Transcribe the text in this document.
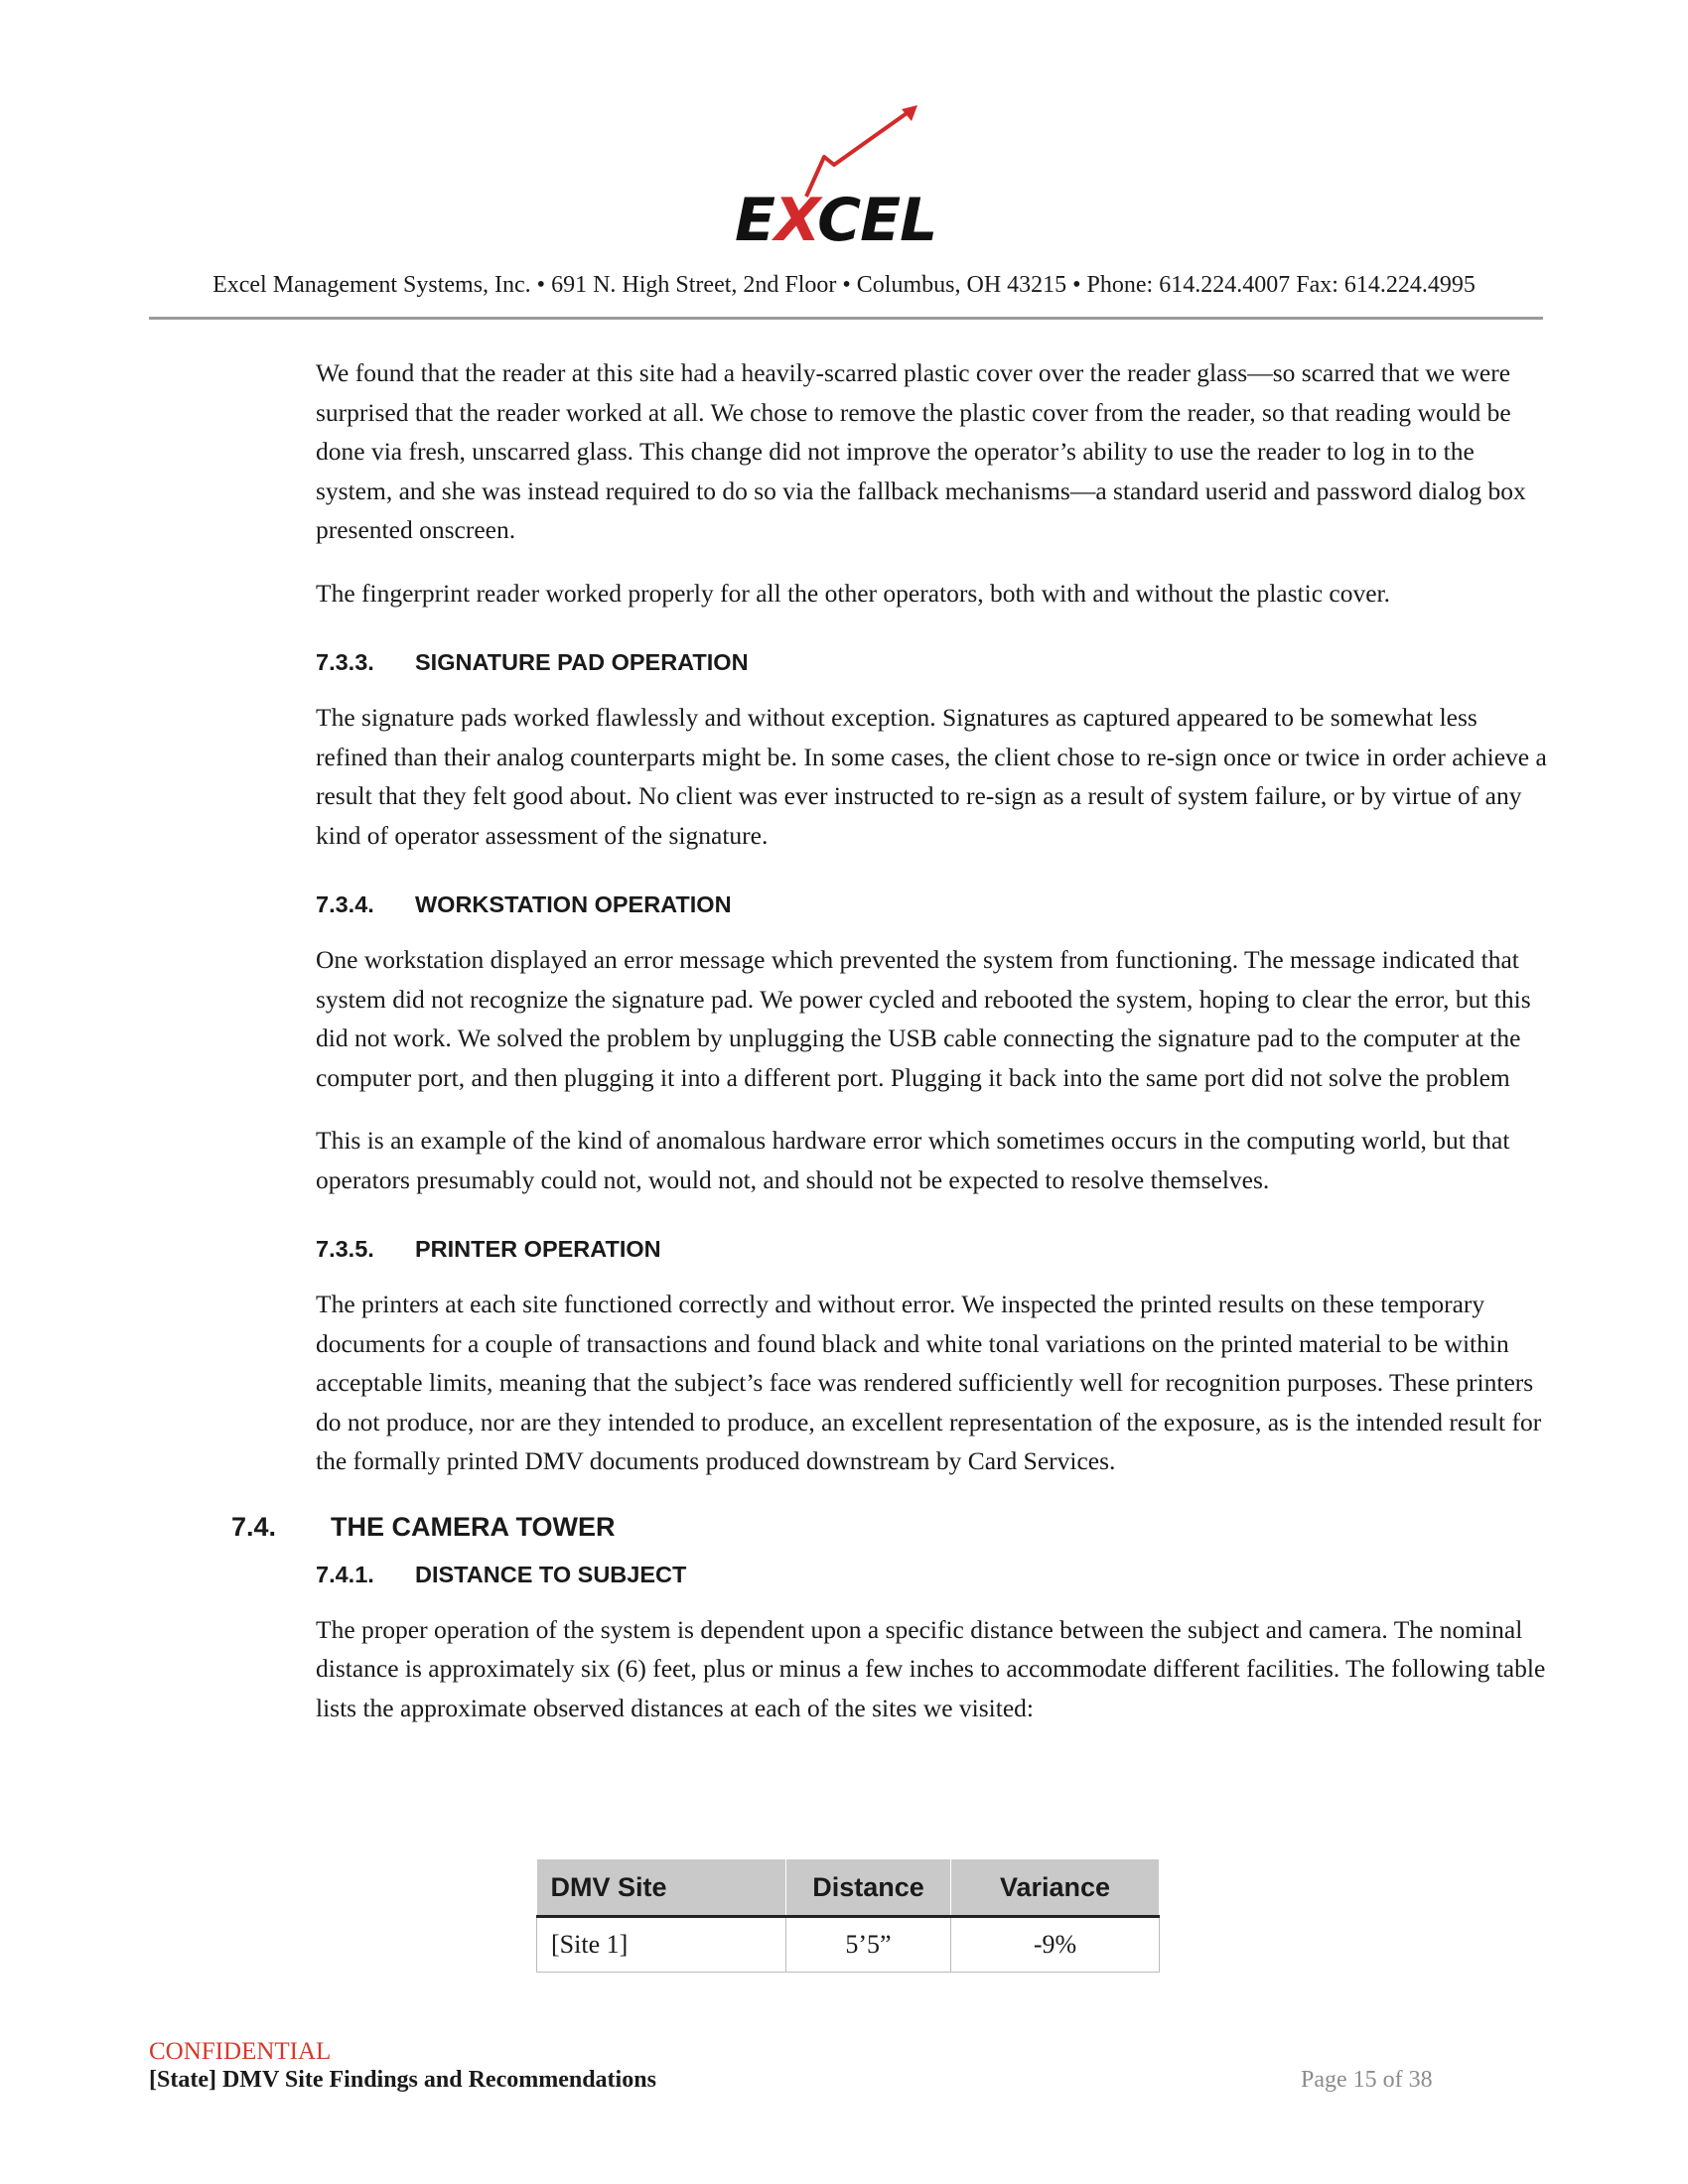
EXCEL
Excel Management Systems, Inc. • 691 N. High Street, 2nd Floor • Columbus, OH 43215 • Phone: 614.224.4007 Fax: 614.224.4995

We found that the reader at this site had a heavily-scarred plastic cover over the reader glass—so scarred that we were surprised that the reader worked at all. We chose to remove the plastic cover from the reader, so that reading would be done via fresh, unscarred glass. This change did not improve the operator’s ability to use the reader to log in to the system, and she was instead required to do so via the fallback mechanisms—a standard userid and password dialog box presented onscreen.

The fingerprint reader worked properly for all the other operators, both with and without the plastic cover.

7.3.3.	SIGNATURE PAD OPERATION

The signature pads worked flawlessly and without exception. Signatures as captured appeared to be somewhat less refined than their analog counterparts might be. In some cases, the client chose to re-sign once or twice in order achieve a result that they felt good about. No client was ever instructed to re-sign as a result of system failure, or by virtue of any kind of operator assessment of the signature.

7.3.4.	WORKSTATION OPERATION

One workstation displayed an error message which prevented the system from functioning. The message indicated that system did not recognize the signature pad. We power cycled and rebooted the system, hoping to clear the error, but this did not work. We solved the problem by unplugging the USB cable connecting the signature pad to the computer at the computer port, and then plugging it into a different port. Plugging it back into the same port did not solve the problem

This is an example of the kind of anomalous hardware error which sometimes occurs in the computing world, but that operators presumably could not, would not, and should not be expected to resolve themselves.

7.3.5.	PRINTER OPERATION

The printers at each site functioned correctly and without error. We inspected the printed results on these temporary documents for a couple of transactions and found black and white tonal variations on the printed material to be within acceptable limits, meaning that the subject’s face was rendered sufficiently well for recognition purposes. These printers do not produce, nor are they intended to produce, an excellent representation of the exposure, as is the intended result for the formally printed DMV documents produced downstream by Card Services.

7.4.	THE CAMERA TOWER
7.4.1.	DISTANCE TO SUBJECT

The proper operation of the system is dependent upon a specific distance between the subject and camera. The nominal distance is approximately six (6) feet, plus or minus a few inches to accommodate different facilities. The following table lists the approximate observed distances at each of the sites we visited:

DMV Site	Distance	Variance
[Site 1]	5’5”	-9%
CONFIDENTIAL
[State] DMV Site Findings and Recommendations	Page 15 of 38
